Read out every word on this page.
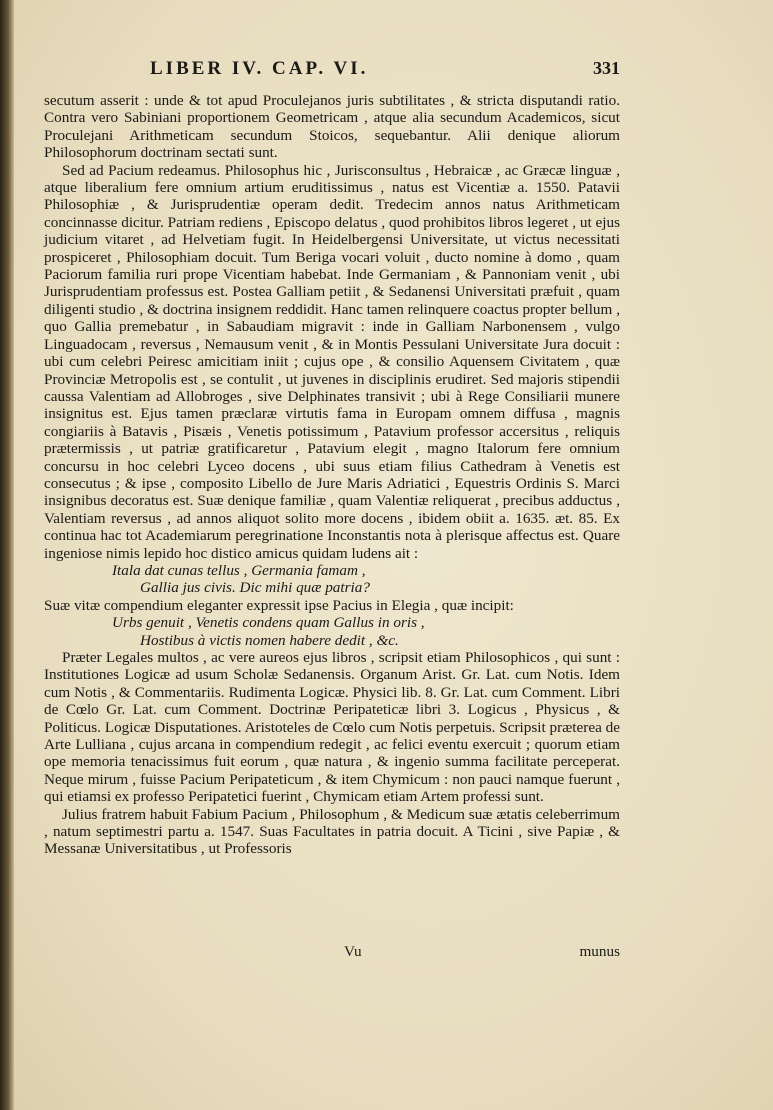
LIBER IV. CAP. VI.	331

secutum asserit : unde & tot apud Proculejanos juris subtilitates , & stricta disputandi ratio. Contra vero Sabiniani proportionem Geometricam , atque alia secundum Academicos, sicut Proculejani Arithmeticam secundum Stoicos, sequebantur. Alii denique aliorum Philosophorum doctrinam sectati sunt.

Sed ad Pacium redeamus. Philosophus hic , Jurisconsultus , Hebraicæ , ac Græcæ linguæ , atque liberalium fere omnium artium eruditissimus , natus est Vicentiæ a. 1550. Patavii Philosophiæ , & Jurisprudentiæ operam dedit. Tredecim annos natus Arithmeticam concinnasse dicitur. Patriam rediens , Episcopo delatus , quod prohibitos libros legeret , ut ejus judicium vitaret , ad Helvetiam fugit. In Heidelbergensi Universitate, ut victus necessitati prospiceret , Philosophiam docuit. Tum Beriga vocari voluit , ducto nomine à domo , quam Paciorum familia ruri prope Vicentiam habebat. Inde Germaniam , & Pannoniam venit , ubi Jurisprudentiam professus est. Postea Galliam petiit , & Sedanensi Universitati præfuit , quam diligenti studio , & doctrina insignem reddidit. Hanc tamen relinquere coactus propter bellum , quo Gallia premebatur , in Sabaudiam migravit : inde in Galliam Narbonensem , vulgo Linguadocam , reversus , Nemausum venit , & in Montis Pessulani Universitate Jura docuit : ubi cum celebri Peiresc amicitiam iniit ; cujus ope , & consilio Aquensem Civitatem , quæ Provinciæ Metropolis est , se contulit , ut juvenes in disciplinis erudiret. Sed majoris stipendii caussa Valentiam ad Allobroges , sive Delphinates transivit ; ubi à Rege Consiliarii munere insignitus est. Ejus tamen præclaræ virtutis fama in Europam omnem diffusa , magnis congiariis à Batavis , Pisæis , Venetis potissimum , Patavium professor accersitus , reliquis prætermissis , ut patriæ gratificaretur , Patavium elegit , magno Italorum fere omnium concursu in hoc celebri Lyceo docens , ubi suus etiam filius Cathedram à Venetis est consecutus ; & ipse , composito Libello de Jure Maris Adriatici , Equestris Ordinis S. Marci insignibus decoratus est. Suæ denique familiæ , quam Valentiæ reliquerat , precibus adductus , Valentiam reversus , ad annos aliquot solito more docens , ibidem obiit a. 1635. æt. 85. Ex continua hac tot Academiarum peregrinatione Inconstantis nota à plerisque affectus est. Quare ingeniose nimis lepido hoc distico amicus quidam ludens ait :

Itala dat cunas tellus , Germania famam ,

Gallia jus civis. Dic mihi quæ patria?

Suæ vitæ compendium eleganter expressit ipse Pacius in Elegia , quæ incipit:

Urbs genuit , Venetis condens quam Gallus in oris ,

Hostibus à victis nomen habere dedit , &c.

Præter Legales multos , ac vere aureos ejus libros , scripsit etiam Philosophicos , qui sunt : Institutiones Logicæ ad usum Scholæ Sedanensis. Organum Arist. Gr. Lat. cum Notis. Idem cum Notis , & Commentariis. Rudimenta Logicæ. Physici lib. 8. Gr. Lat. cum Comment. Libri de Cœlo Gr. Lat. cum Comment. Doctrinæ Peripateticæ libri 3. Logicus , Physicus , & Politicus. Logicæ Disputationes. Aristoteles de Cœlo cum Notis perpetuis. Scripsit præterea de Arte Lulliana , cujus arcana in compendium redegit , ac felici eventu exercuit ; quorum etiam ope memoria tenacissimus fuit eorum , quæ natura , & ingenio summa facilitate perceperat. Neque mirum , fuisse Pacium Peripateticum , & item Chymicum : non pauci namque fuerunt , qui etiamsi ex professo Peripatetici fuerint , Chymicam etiam Artem professi sunt.

Julius fratrem habuit Fabium Pacium , Philosophum , & Medicum suæ ætatis celeberrimum , natum septimestri partu a. 1547. Suas Facultates in patria docuit. A Ticini , sive Papiæ , & Messanæ Universitatibus , ut Professoris

Vu	munus
